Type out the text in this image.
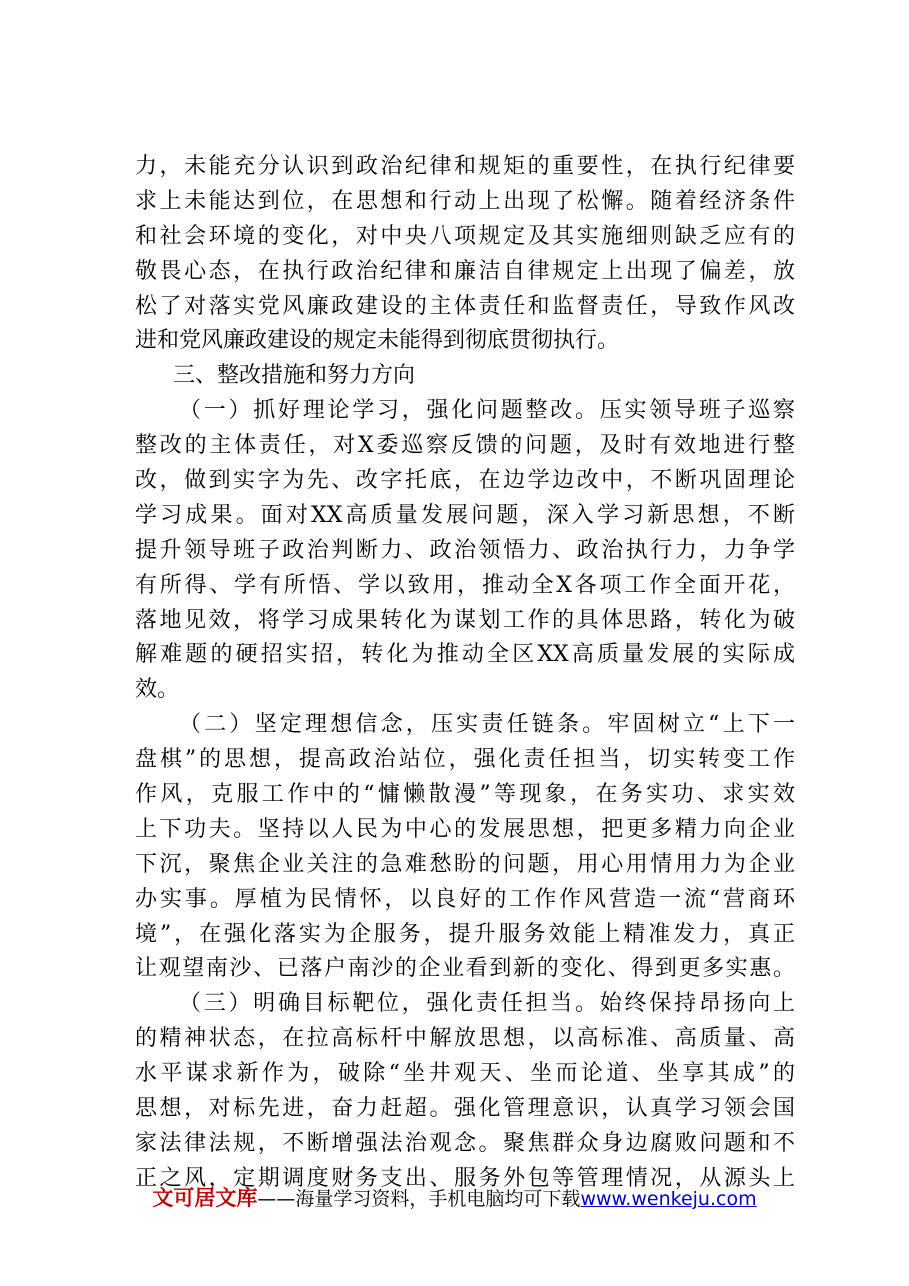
力，未能充分认识到政治纪律和规矩的重要性，在执行纪律要
求上未能达到位，在思想和行动上出现了松懈。随着经济条件
和社会环境的变化，对中央八项规定及其实施细则缺乏应有的
敬畏心态，在执行政治纪律和廉洁自律规定上出现了偏差，放
松了对落实党风廉政建设的主体责任和监督责任，导致作风改
进和党风廉政建设的规定未能得到彻底贯彻执行。
三、整改措施和努力方向
（一）抓好理论学习，强化问题整改。压实领导班子巡察
整改的主体责任，对X委巡察反馈的问题，及时有效地进行整
改，做到实字为先、改字托底，在边学边改中，不断巩固理论
学习成果。面对XX高质量发展问题，深入学习新思想，不断
提升领导班子政治判断力、政治领悟力、政治执行力，力争学
有所得、学有所悟、学以致用，推动全X各项工作全面开花，
落地见效，将学习成果转化为谋划工作的具体思路，转化为破
解难题的硬招实招，转化为推动全区XX高质量发展的实际成
效。
（二）坚定理想信念，压实责任链条。牢固树立“上下一
盘棋”的思想，提高政治站位，强化责任担当，切实转变工作
作风，克服工作中的“慵懒散漫”等现象，在务实功、求实效
上下功夫。坚持以人民为中心的发展思想，把更多精力向企业
下沉，聚焦企业关注的急难愁盼的问题，用心用情用力为企业
办实事。厚植为民情怀，以良好的工作作风营造一流“营商环
境”，在强化落实为企服务，提升服务效能上精准发力，真正
让观望南沙、已落户南沙的企业看到新的变化、得到更多实惠。
（三）明确目标靶位，强化责任担当。始终保持昂扬向上
的精神状态，在拉高标杆中解放思想，以高标准、高质量、高
水平谋求新作为，破除“坐井观天、坐而论道、坐享其成”的
思想，对标先进，奋力赶超。强化管理意识，认真学习领会国
家法律法规，不断增强法治观念。聚焦群众身边腐败问题和不
正之风，定期调度财务支出、服务外包等管理情况，从源头上
文可居文库——海量学习资料，手机电脑均可下载www.wenkeju.com
